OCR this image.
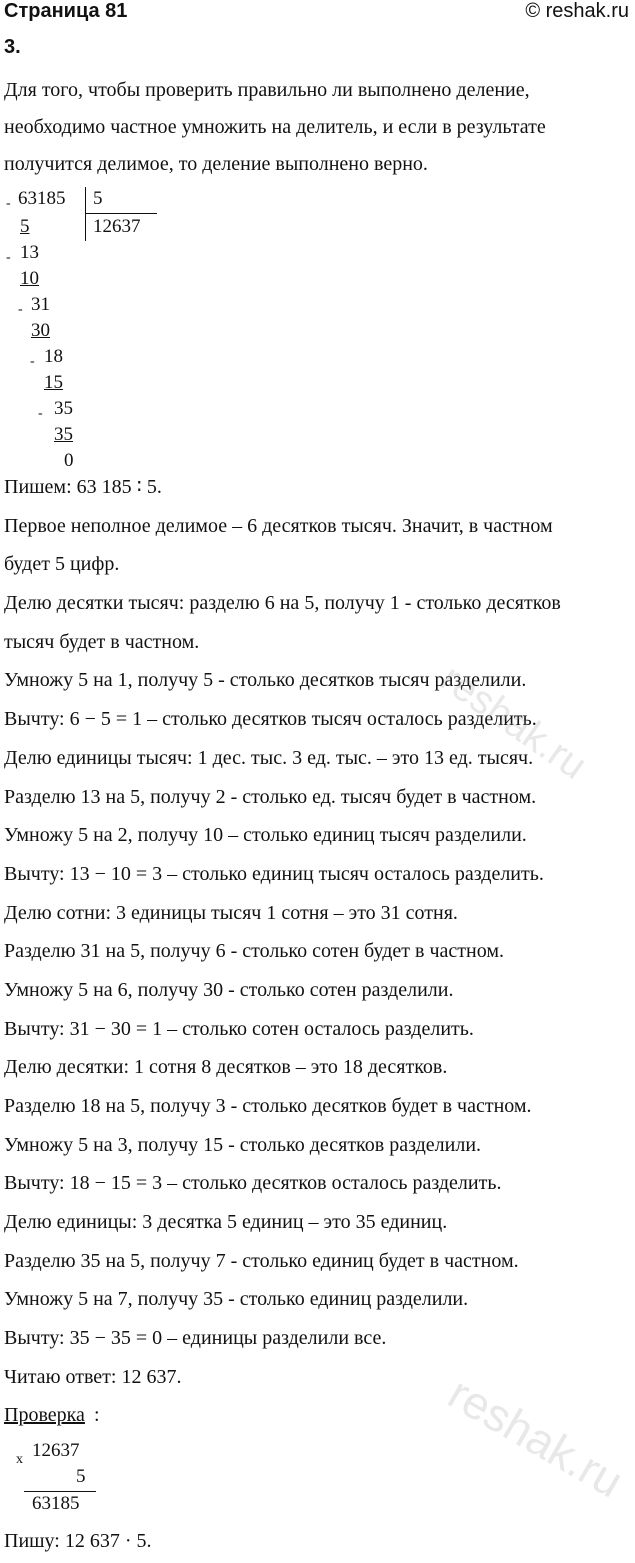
Страница 81	© reshak.ru
3.

Для того, чтобы проверить правильно ли выполнено деление,

необходимо частное умножить на делитель, и если в результате

получится делимое, то деление выполнено верно.

- 63185 5
12637
5
- 13
10
- 31
30
- 18
15
- 35
35
0

Пишем: 63 185 ∶ 5.

Первое неполное делимое – 6 десятков тысяч. Значит, в частном

будет 5 цифр.

Делю десятки тысяч: разделю 6 на 5, получу 1 - столько десятков

тысяч будет в частном.

Умножу 5 на 1, получу 5 - столько десятков тысяч разделили.

Вычту: 6 − 5 = 1 – столько десятков тысяч осталось разделить.

Делю единицы тысяч: 1 дес. тыс. 3 ед. тыс. – это 13 ед. тысяч.

Разделю 13 на 5, получу 2 - столько ед. тысяч будет в частном.

Умножу 5 на 2, получу 10 – столько единиц тысяч разделили.

Вычту: 13 − 10 = 3 – столько единиц тысяч осталось разделить.

Делю сотни: 3 единицы тысяч 1 сотня – это 31 сотня.

Разделю 31 на 5, получу 6 - столько сотен будет в частном.

Умножу 5 на 6, получу 30 - столько сотен разделили.

Вычту: 31 − 30 = 1 – столько сотен осталось разделить.

Делю десятки: 1 сотня 8 десятков – это 18 десятков.

Разделю 18 на 5, получу 3 - столько десятков будет в частном.

Умножу 5 на 3, получу 15 - столько десятков разделили.

Вычту: 18 − 15 = 3 – столько десятков осталось разделить.

Делю единицы: 3 десятка 5 единиц – это 35 единиц.

Разделю 35 на 5, получу 7 - столько единиц будет в частном.

Умножу 5 на 7, получу 35 - столько единиц разделили.

Вычту: 35 − 35 = 0 – единицы разделили все.

Читаю ответ: 12 637.

Проверка :
x 12637
5
63185
Пишу: 12 637 · 5.
reshak.ru
reshak.ru
